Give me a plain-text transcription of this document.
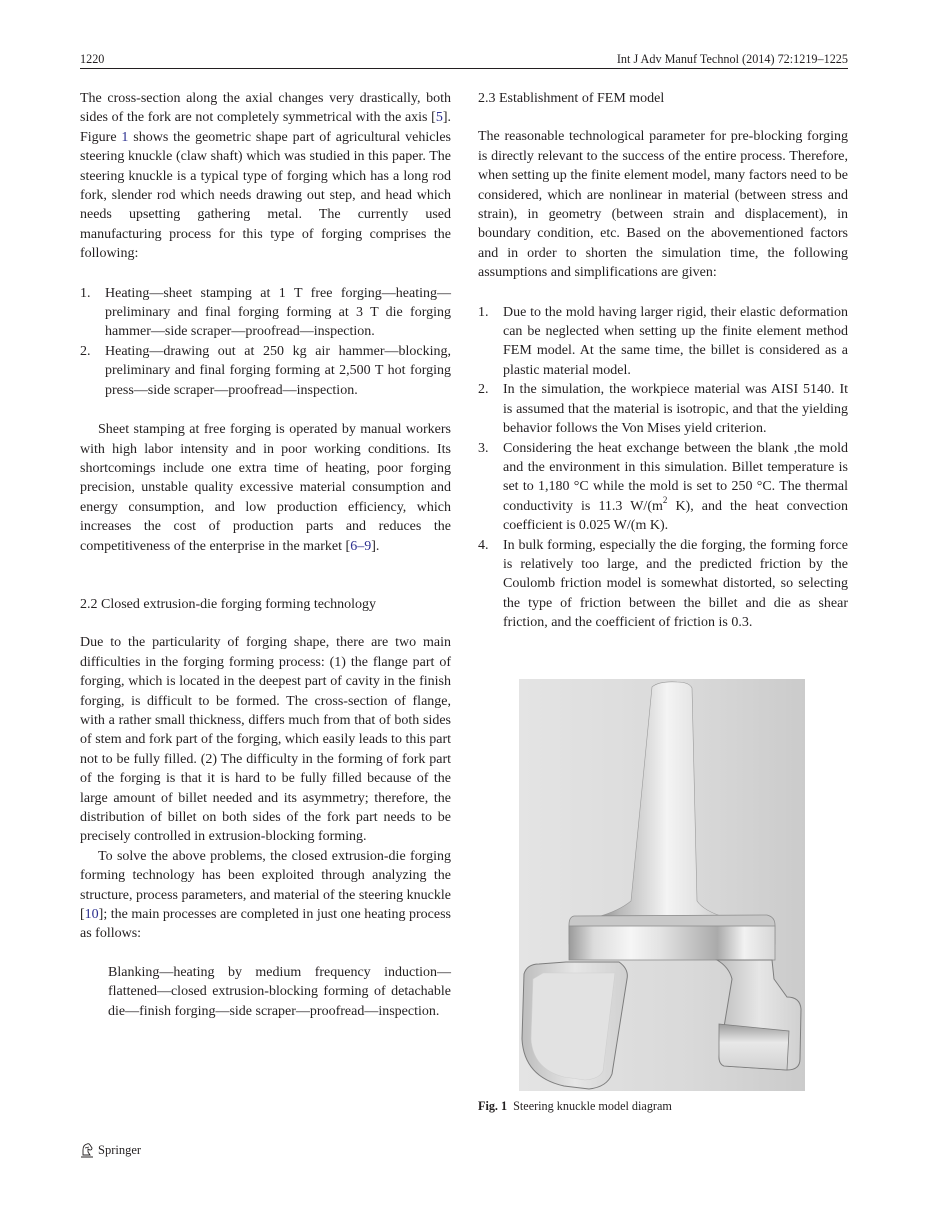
1220	Int J Adv Manuf Technol (2014) 72:1219–1225

The cross-section along the axial changes very drastically, both sides of the fork are not completely symmetrical with the axis [5]. Figure 1 shows the geometric shape part of agricultural vehicles steering knuckle (claw shaft) which was studied in this paper. The steering knuckle is a typical type of forging which has a long rod fork, slender rod which needs drawing out step, and head which needs upsetting gathering metal. The currently used manufacturing process for this type of forging comprises the following:

1. Heating—sheet stamping at 1 T free forging—heating—preliminary and final forging forming at 3 T die forging hammer—side scraper—proofread—inspection.
2. Heating—drawing out at 250 kg air hammer—blocking, preliminary and final forging forming at 2,500 T hot forging press—side scraper—proofread—inspection.

Sheet stamping at free forging is operated by manual workers with high labor intensity and in poor working conditions. Its shortcomings include one extra time of heating, poor forging precision, unstable quality excessive material consumption and energy consumption, and low production efficiency, which increases the cost of production parts and reduces the competitiveness of the enterprise in the market [6–9].

2.2 Closed extrusion-die forging forming technology

Due to the particularity of forging shape, there are two main difficulties in the forging forming process: (1) the flange part of forging, which is located in the deepest part of cavity in the finish forging, is difficult to be formed. The cross-section of flange, with a rather small thickness, differs much from that of both sides of stem and fork part of the forging, which easily leads to this part not to be fully filled. (2) The difficulty in the forming of fork part of the forging is that it is hard to be fully filled because of the large amount of billet needed and its asymmetry; therefore, the distribution of billet on both sides of the fork part needs to be precisely controlled in extrusion-blocking forming.

To solve the above problems, the closed extrusion-die forging forming technology has been exploited through analyzing the structure, process parameters, and material of the steering knuckle [10]; the main processes are completed in just one heating process as follows:

Blanking—heating by medium frequency induction—flattened—closed extrusion-blocking forming of detachable die—finish forging—side scraper—proofread—inspection.

2.3 Establishment of FEM model

The reasonable technological parameter for pre-blocking forging is directly relevant to the success of the entire process. Therefore, when setting up the finite element model, many factors need to be considered, which are nonlinear in material (between stress and strain), in geometry (between strain and displacement), in boundary condition, etc. Based on the abovementioned factors and in order to shorten the simulation time, the following assumptions and simplifications are given:

1. Due to the mold having larger rigid, their elastic deformation can be neglected when setting up the finite element method FEM model. At the same time, the billet is considered as a plastic material model.
2. In the simulation, the workpiece material was AISI 5140. It is assumed that the material is isotropic, and that the yielding behavior follows the Von Mises yield criterion.
3. Considering the heat exchange between the blank ,the mold and the environment in this simulation. Billet temperature is set to 1,180 °C while the mold is set to 250 °C. The thermal conductivity is 11.3 $W/(m^2$ K), and the heat convection coefficient is 0.025 W/(m K).
4. In bulk forming, especially the die forging, the forming force is relatively too large, and the predicted friction by the Coulomb friction model is somewhat distorted, so selecting the type of friction between the billet and die as shear friction, and the coefficient of friction is 0.3.
Fig. 1 Steering knuckle model diagram
Springer
